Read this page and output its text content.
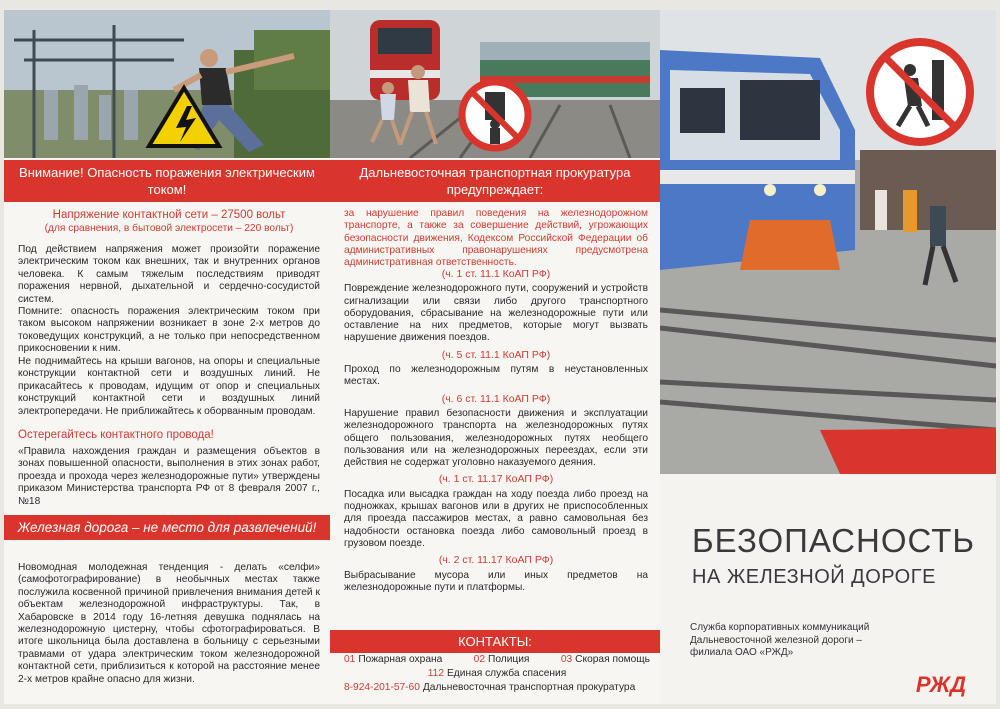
Внимание! Опасность поражения электрическим током!
Напряжение контактной сети – 27500 вольт
(для сравнения, в бытовой электросети – 220 вольт)
Под действием напряжения может произойти поражение электрическим током как внешних, так и внутренних органов человека. К самым тяжелым последствиям приводят поражения нервной, дыхательной и сердечно-сосудистой систем.
Помните: опасность поражения электрическим током при таком высоком напряжении возникает в зоне 2-х метров до токоведущих конструкций, а не только при непосредственном прикосновении к ним.
Не поднимайтесь на крыши вагонов, на опоры и специальные конструкции контактной сети и воздушных линий. Не прикасайтесь к проводам, идущим от опор и специальных конструкций контактной сети и воздушных линий электропередачи. Не приближайтесь к оборванным проводам.
Остерегайтесь контактного провода!
«Правила нахождения граждан и размещения объектов в зонах повышенной опасности, выполнения в этих зонах работ, проезда и прохода через железнодорожные пути» утверждены приказом Министерства транспорта РФ от 8 февраля 2007 г., №18
Железная дорога – не место для развлечений!
Новомодная молодежная тенденция - делать «селфи» (самофотографирование) в необычных местах также послужила косвенной причиной привлечения внимания детей к объектам железнодорожной инфраструктуры. Так, в Хабаровске в 2014 году 16-летняя девушка поднялась на железнодорожную цистерну, чтобы сфотографироваться. В итоге школьница была доставлена в больницу с серьезными травмами от удара электрическим током железнодорожной контактной сети, приблизиться к которой на расстояние менее 2-х метров крайне опасно для жизни.
Дальневосточная транспортная прокуратура предупреждает:
за нарушение правил поведения на железнодорожном транспорте, а также за совершение действий, угрожающих безопасности движения, Кодексом Российской Федерации об административных правонарушениях предусмотрена административная ответственность.
(ч. 1 ст. 11.1 КоАП РФ)
Повреждение железнодорожного пути, сооружений и устройств сигнализации или связи либо другого транспортного оборудования, сбрасывание на железнодорожные пути или оставление на них предметов, которые могут вызвать нарушение движения поездов.
(ч. 5 ст. 11.1 КоАП РФ)
Проход по железнодорожным путям в неустановленных местах.
(ч. 6 ст. 11.1 КоАП РФ)
Нарушение правил безопасности движения и эксплуатации железнодорожного транспорта на железнодорожных путях общего пользования, железнодорожных путях необщего пользования или на железнодорожных переездах, если эти действия не содержат уголовно наказуемого деяния.
(ч. 1 ст. 11.17 КоАП РФ)
Посадка или высадка граждан на ходу поезда либо проезд на подножках, крышах вагонов или в других не приспособленных для проезда пассажиров местах, а равно самовольная без надобности остановка поезда либо самовольный проезд в грузовом поезде.
(ч. 2 ст. 11.17 КоАП РФ)
Выбрасывание мусора или иных предметов на железнодорожные пути и платформы.
КОНТАКТЫ:
01 Пожарная охрана	02 Полиция	03 Скорая помощь
112 Единая служба спасения
8-924-201-57-60 Дальневосточная транспортная прокуратура
БЕЗОПАСНОСТЬ
НА ЖЕЛЕЗНОЙ ДОРОГЕ
Служба корпоративных коммуникаций Дальневосточной железной дороги – филиала ОАО «РЖД»
РЖД
